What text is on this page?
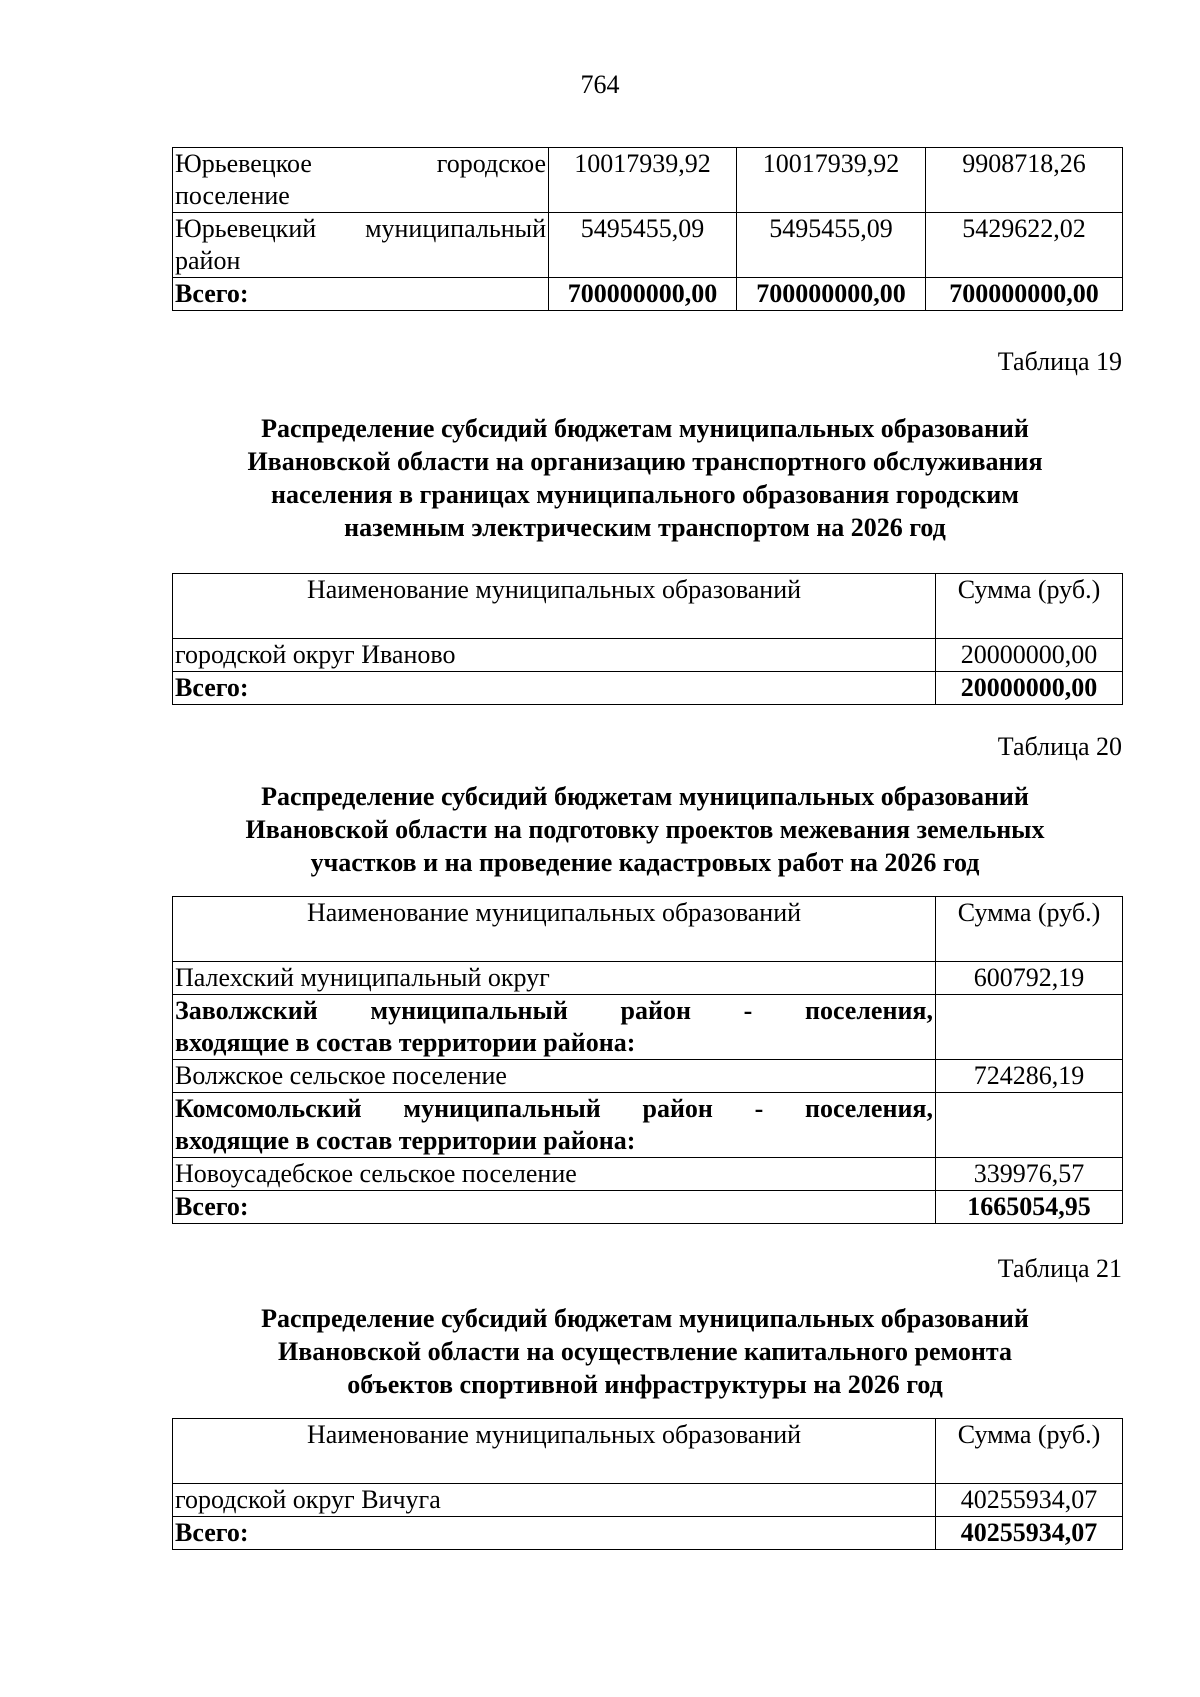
764
Юрьевецкое городское
поселение	10017939,92	10017939,92	9908718,26

Юрьевецкий муниципальный
район	5495455,09	5495455,09	5429622,02
Всего:	700000000,00	700000000,00	700000000,00
Таблица 19
Распределение субсидий бюджетам муниципальных образований
Ивановской области на организацию транспортного обслуживания
населения в границах муниципального образования городским
наземным электрическим транспортом на 2026 год
Наименование муниципальных образований	Сумма (руб.)
городской округ Иваново	20000000,00
Всего:	20000000,00
Таблица 20
Распределение субсидий бюджетам муниципальных образований
Ивановской области на подготовку проектов межевания земельных
участков и на проведение кадастровых работ на 2026 год
Наименование муниципальных образований	Сумма (руб.)
Палехский муниципальный округ	600792,19

Заволжский муниципальный район - поселения,
входящие в состав территории района:	

Волжское сельское поселение	724286,19

Комсомольский муниципальный район - поселения,
входящие в состав территории района:	

Новоусадебское сельское поселение	339976,57
Всего:	1665054,95
Таблица 21
Распределение субсидий бюджетам муниципальных образований
Ивановской области на осуществление капитального ремонта
объектов спортивной инфраструктуры на 2026 год
Наименование муниципальных образований	Сумма (руб.)
городской округ Вичуга	40255934,07
Всего:	40255934,07
